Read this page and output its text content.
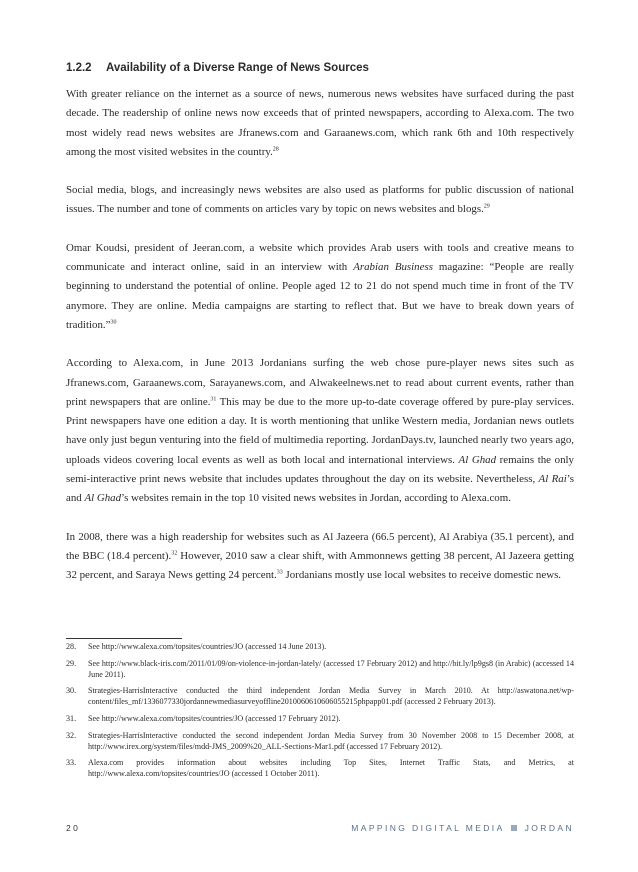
1.2.2 Availability of a Diverse Range of News Sources

With greater reliance on the internet as a source of news, numerous news websites have surfaced during the past decade. The readership of online news now exceeds that of printed newspapers, according to Alexa.com. The two most widely read news websites are Jfranews.com and Garaanews.com, which rank 6th and 10th respectively among the most visited websites in the country.$^{28}$

Social media, blogs, and increasingly news websites are also used as platforms for public discussion of national issues. The number and tone of comments on articles vary by topic on news websites and blogs.$^{29}$

Omar Koudsi, president of Jeeran.com, a website which provides Arab users with tools and creative means to communicate and interact online, said in an interview with Arabian Business magazine: “People are really beginning to understand the potential of online. People aged 12 to 21 do not spend much time in front of the TV anymore. They are online. Media campaigns are starting to reflect that. But we have to break down years of tradition.”$^{30}$

According to Alexa.com, in June 2013 Jordanians surfing the web chose pure-player news sites such as Jfranews.com, Garaanews.com, Sarayanews.com, and Alwakeelnews.net to read about current events, rather than print newspapers that are online.$^{31}$ This may be due to the more up-to-date coverage offered by pure-play services. Print newspapers have one edition a day. It is worth mentioning that unlike Western media, Jordanian news outlets have only just begun venturing into the field of multimedia reporting. JordanDays.tv, launched nearly two years ago, uploads videos covering local events as well as both local and international interviews. Al Ghad remains the only semi-interactive print news website that includes updates throughout the day on its website. Nevertheless, Al Rai’s and Al Ghad’s websites remain in the top 10 visited news websites in Jordan, according to Alexa.com.

In 2008, there was a high readership for websites such as Al Jazeera (66.5 percent), Al Arabiya (35.1 percent), and the BBC (18.4 percent).$^{32}$ However, 2010 saw a clear shift, with Ammonnews getting 38 percent, Al Jazeera getting 32 percent, and Saraya News getting 24 percent.$^{33}$ Jordanians mostly use local websites to receive domestic news.

28.	See http://www.alexa.com/topsites/countries/JO (accessed 14 June 2013).
29.	See http://www.black-iris.com/2011/01/09/on-violence-in-jordan-lately/ (accessed 17 February 2012) and http://bit.ly/lp9gs8 (in Arabic) (accessed 14 June 2011).
30.	Strategies-HarrisInteractive conducted the third independent Jordan Media Survey in March 2010. At http://aswatona.net/wp-content/files_mf/1336077330jordannewmediasurveyoffline2010060610606055215phpapp01.pdf (accessed 2 February 2013).
31.	See http://www.alexa.com/topsites/countries/JO (accessed 17 February 2012).
32.	Strategies-HarrisInteractive conducted the second independent Jordan Media Survey from 30 November 2008 to 15 December 2008, at http://www.irex.org/system/files/mdd-JMS_2009%20_ALL-Sections-Mar1.pdf (accessed 17 February 2012).
33.	Alexa.com provides information about websites including Top Sites, Internet Traffic Stats, and Metrics, at http://www.alexa.com/topsites/countries/JO (accessed 1 October 2011).
20	MAPPING DIGITAL MEDIA JORDAN
